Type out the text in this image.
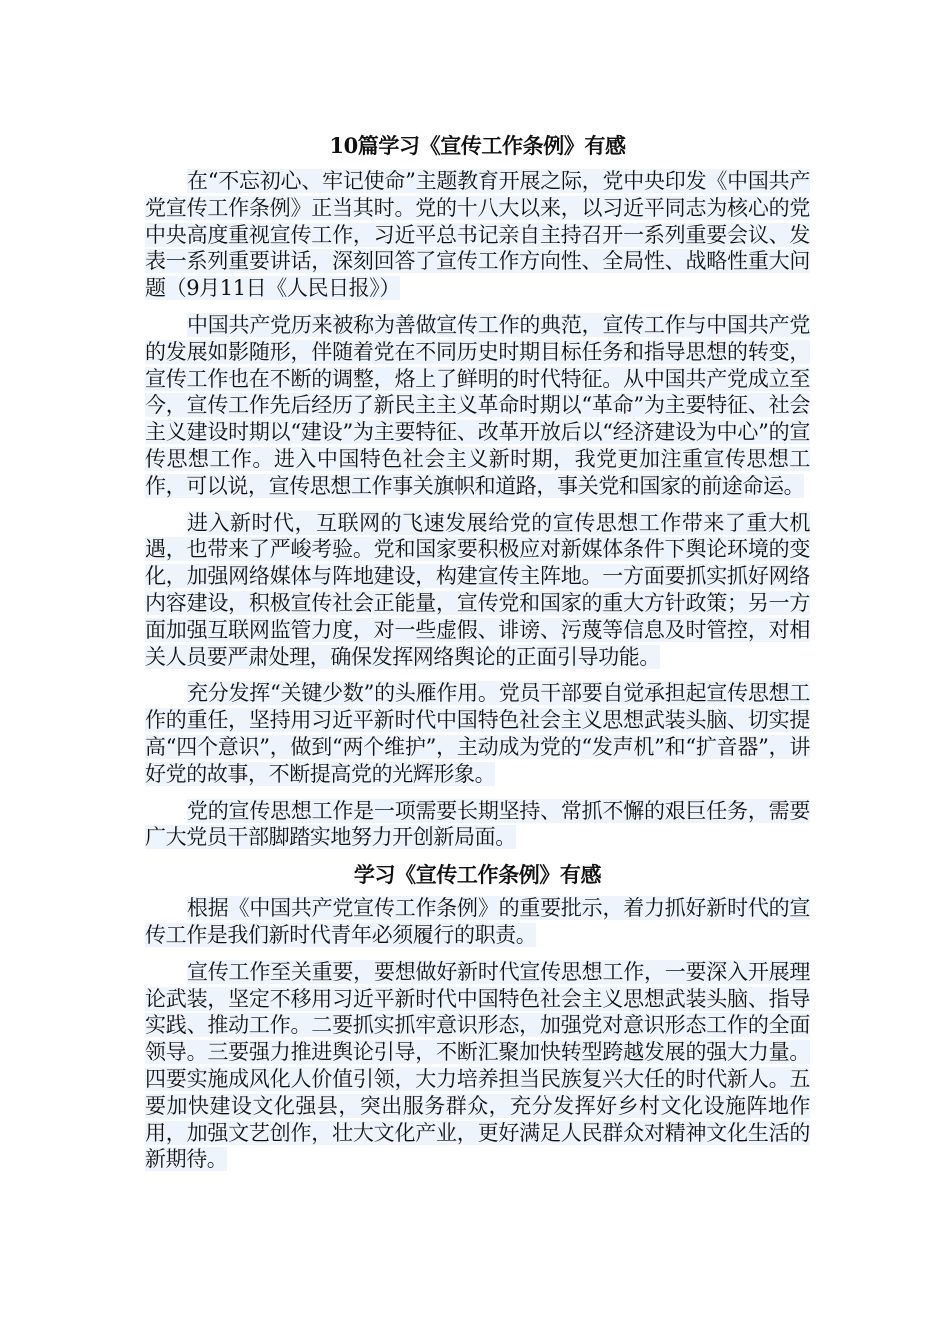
10篇学习《宣传工作条例》有感

在“不忘初心、牢记使命”主题教育开展之际，党中央印发《中国共产党宣传工作条例》正当其时。党的十八大以来，以习近平同志为核心的党中央高度重视宣传工作，习近平总书记亲自主持召开一系列重要会议、发表一系列重要讲话，深刻回答了宣传工作方向性、全局性、战略性重大问题（9月11日《人民日报》）

中国共产党历来被称为善做宣传工作的典范，宣传工作与中国共产党的发展如影随形，伴随着党在不同历史时期目标任务和指导思想的转变，宣传工作也在不断的调整，烙上了鲜明的时代特征。从中国共产党成立至今，宣传工作先后经历了新民主主义革命时期以“革命”为主要特征、社会主义建设时期以“建设”为主要特征、改革开放后以“经济建设为中心”的宣传思想工作。进入中国特色社会主义新时期，我党更加注重宣传思想工作，可以说，宣传思想工作事关旗帜和道路，事关党和国家的前途命运。

进入新时代，互联网的飞速发展给党的宣传思想工作带来了重大机遇，也带来了严峻考验。党和国家要积极应对新媒体条件下舆论环境的变化，加强网络媒体与阵地建设，构建宣传主阵地。一方面要抓实抓好网络内容建设，积极宣传社会正能量，宣传党和国家的重大方针政策；另一方面加强互联网监管力度，对一些虚假、诽谤、污蔑等信息及时管控，对相关人员要严肃处理，确保发挥网络舆论的正面引导功能。

充分发挥“关键少数”的头雁作用。党员干部要自觉承担起宣传思想工作的重任，坚持用习近平新时代中国特色社会主义思想武装头脑、切实提高“四个意识”，做到“两个维护”，主动成为党的“发声机”和“扩音器”，讲好党的故事，不断提高党的光辉形象。

党的宣传思想工作是一项需要长期坚持、常抓不懈的艰巨任务，需要广大党员干部脚踏实地努力开创新局面。

学习《宣传工作条例》有感

根据《中国共产党宣传工作条例》的重要批示，着力抓好新时代的宣传工作是我们新时代青年必须履行的职责。

宣传工作至关重要，要想做好新时代宣传思想工作，一要深入开展理论武装，坚定不移用习近平新时代中国特色社会主义思想武装头脑、指导实践、推动工作。二要抓实抓牢意识形态，加强党对意识形态工作的全面领导。三要强力推进舆论引导，不断汇聚加快转型跨越发展的强大力量。四要实施成风化人价值引领，大力培养担当民族复兴大任的时代新人。五要加快建设文化强县，突出服务群众，充分发挥好乡村文化设施阵地作用，加强文艺创作，壮大文化产业，更好满足人民群众对精神文化生活的新期待。
